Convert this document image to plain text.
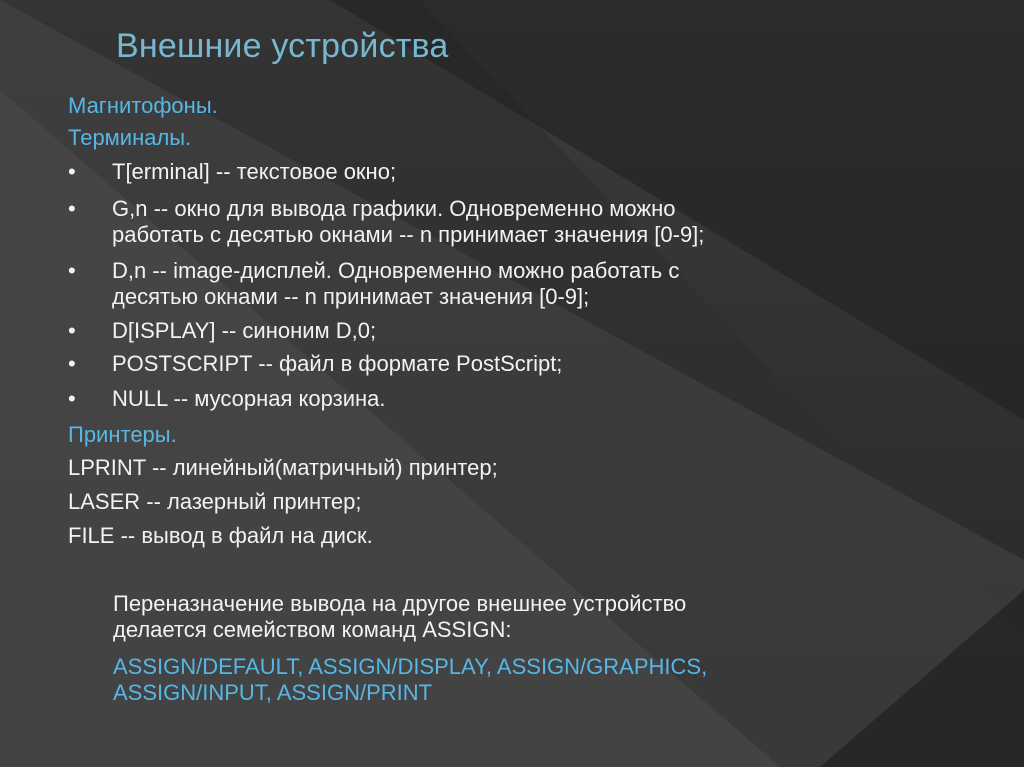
Внешние устройства
Магнитофоны.
Терминалы.
•	T[erminal] -- текстовое окно;
•	G,n -- окно для вывода графики. Одновременно можно
работать с десятью окнами -- n принимает значения [0-9];
•	D,n -- image-дисплей. Одновременно можно работать с
десятью окнами -- n принимает значения [0-9];
•	D[ISPLAY] -- синоним D,0;
•	POSTSCRIPT -- файл в формате PostScript;
•	NULL -- мусорная корзина.
Принтеры.
LPRINT -- линейный(матричный) принтер;
LASER -- лазерный принтер;
FILE -- вывод в файл на диск.
Переназначение вывода на другое внешнее устройство
делается семейством команд ASSIGN:
ASSIGN/DEFAULT, ASSIGN/DISPLAY, ASSIGN/GRAPHICS,
ASSIGN/INPUT, ASSIGN/PRINT
